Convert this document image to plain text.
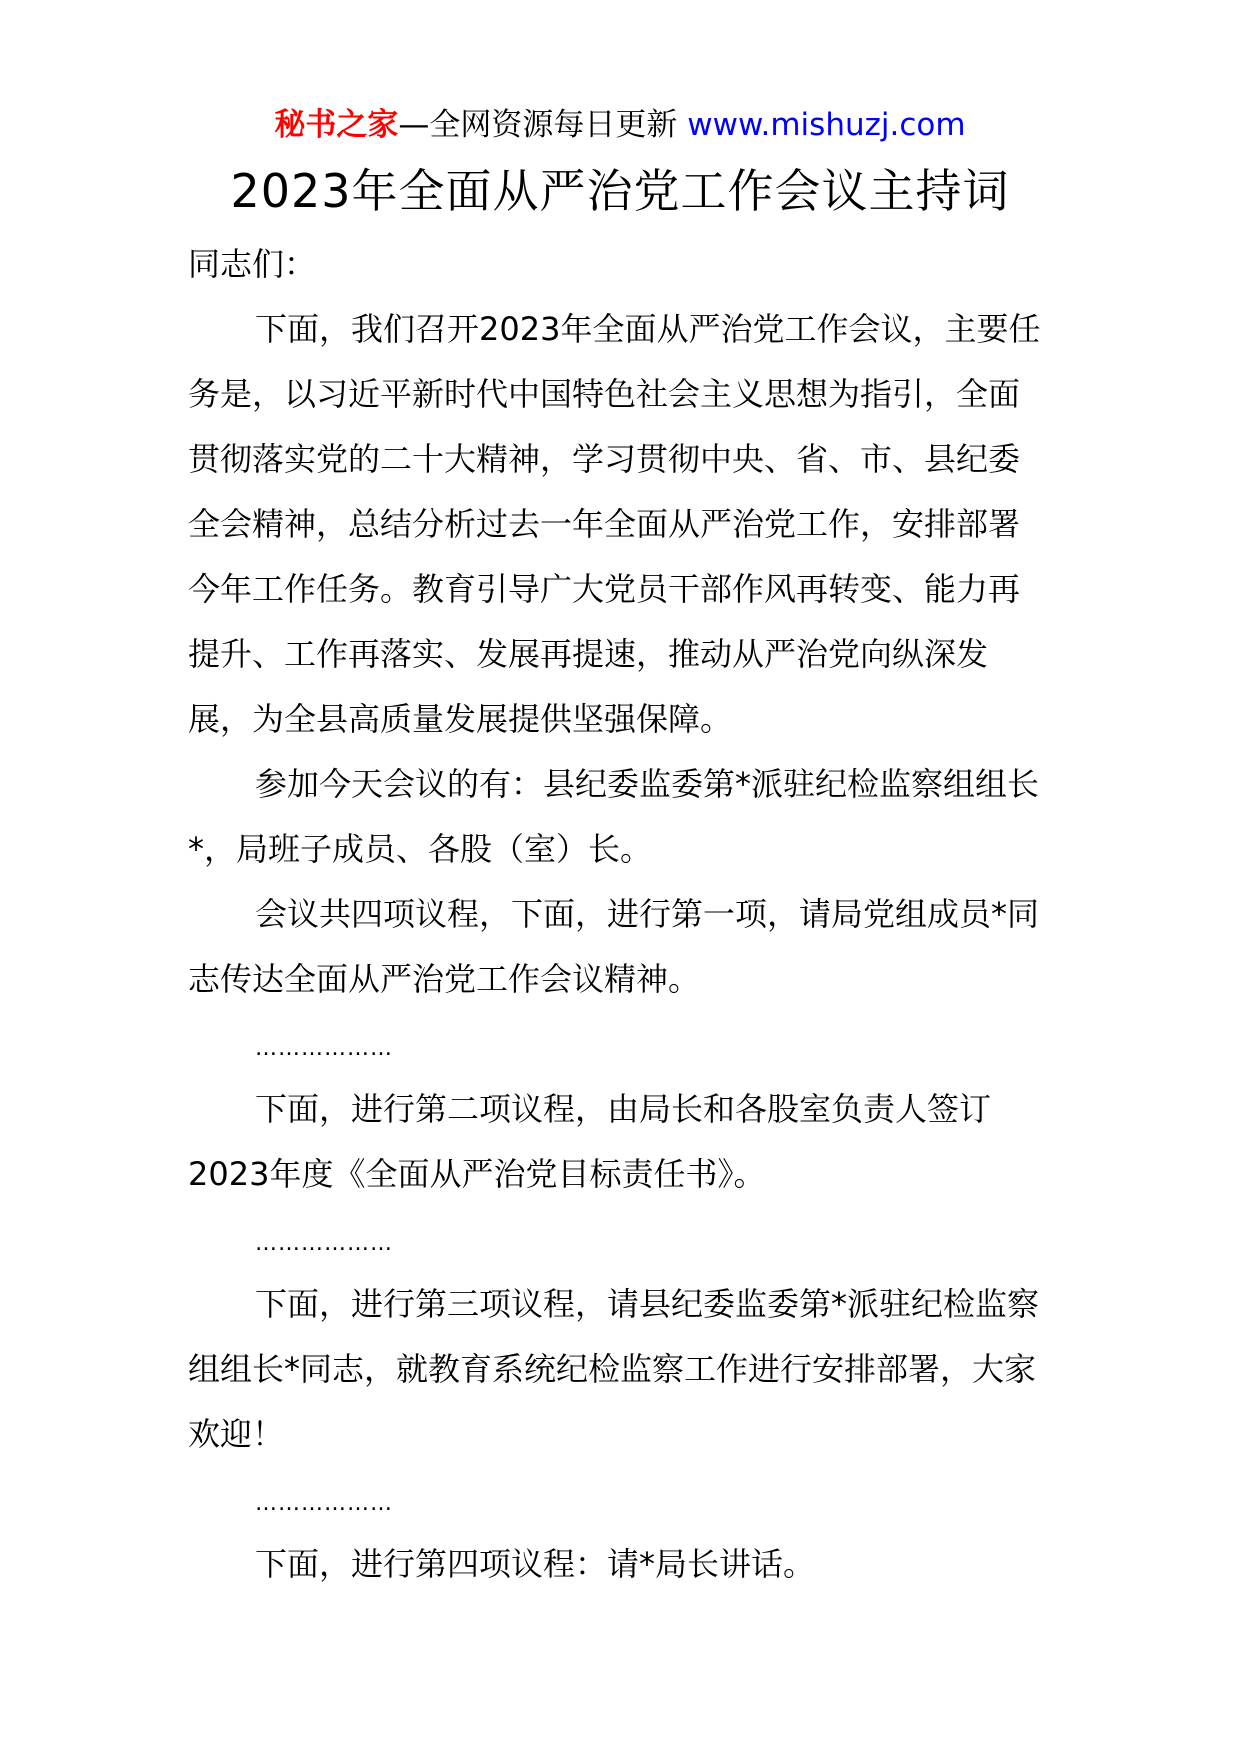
秘书之家—全网资源每日更新 www.mishuzj.com
2023年全面从严治党工作会议主持词

同志们：

下面，我们召开2023年全面从严治党工作会议，主要任务是，以习近平新时代中国特色社会主义思想为指引，全面贯彻落实党的二十大精神，学习贯彻中央、省、市、县纪委全会精神，总结分析过去一年全面从严治党工作，安排部署今年工作任务。教育引导广大党员干部作风再转变、能力再提升、工作再落实、发展再提速，推动从严治党向纵深发展，为全县高质量发展提供坚强保障。

参加今天会议的有：县纪委监委第*派驻纪检监察组组长*，局班子成员、各股（室）长。

会议共四项议程，下面，进行第一项，请局党组成员*同志传达全面从严治党工作会议精神。

………………

下面，进行第二项议程，由局长和各股室负责人签订2023年度《全面从严治党目标责任书》。

………………

下面，进行第三项议程，请县纪委监委第*派驻纪检监察组组长*同志，就教育系统纪检监察工作进行安排部署，大家欢迎！

………………

下面，进行第四项议程：请*局长讲话。
